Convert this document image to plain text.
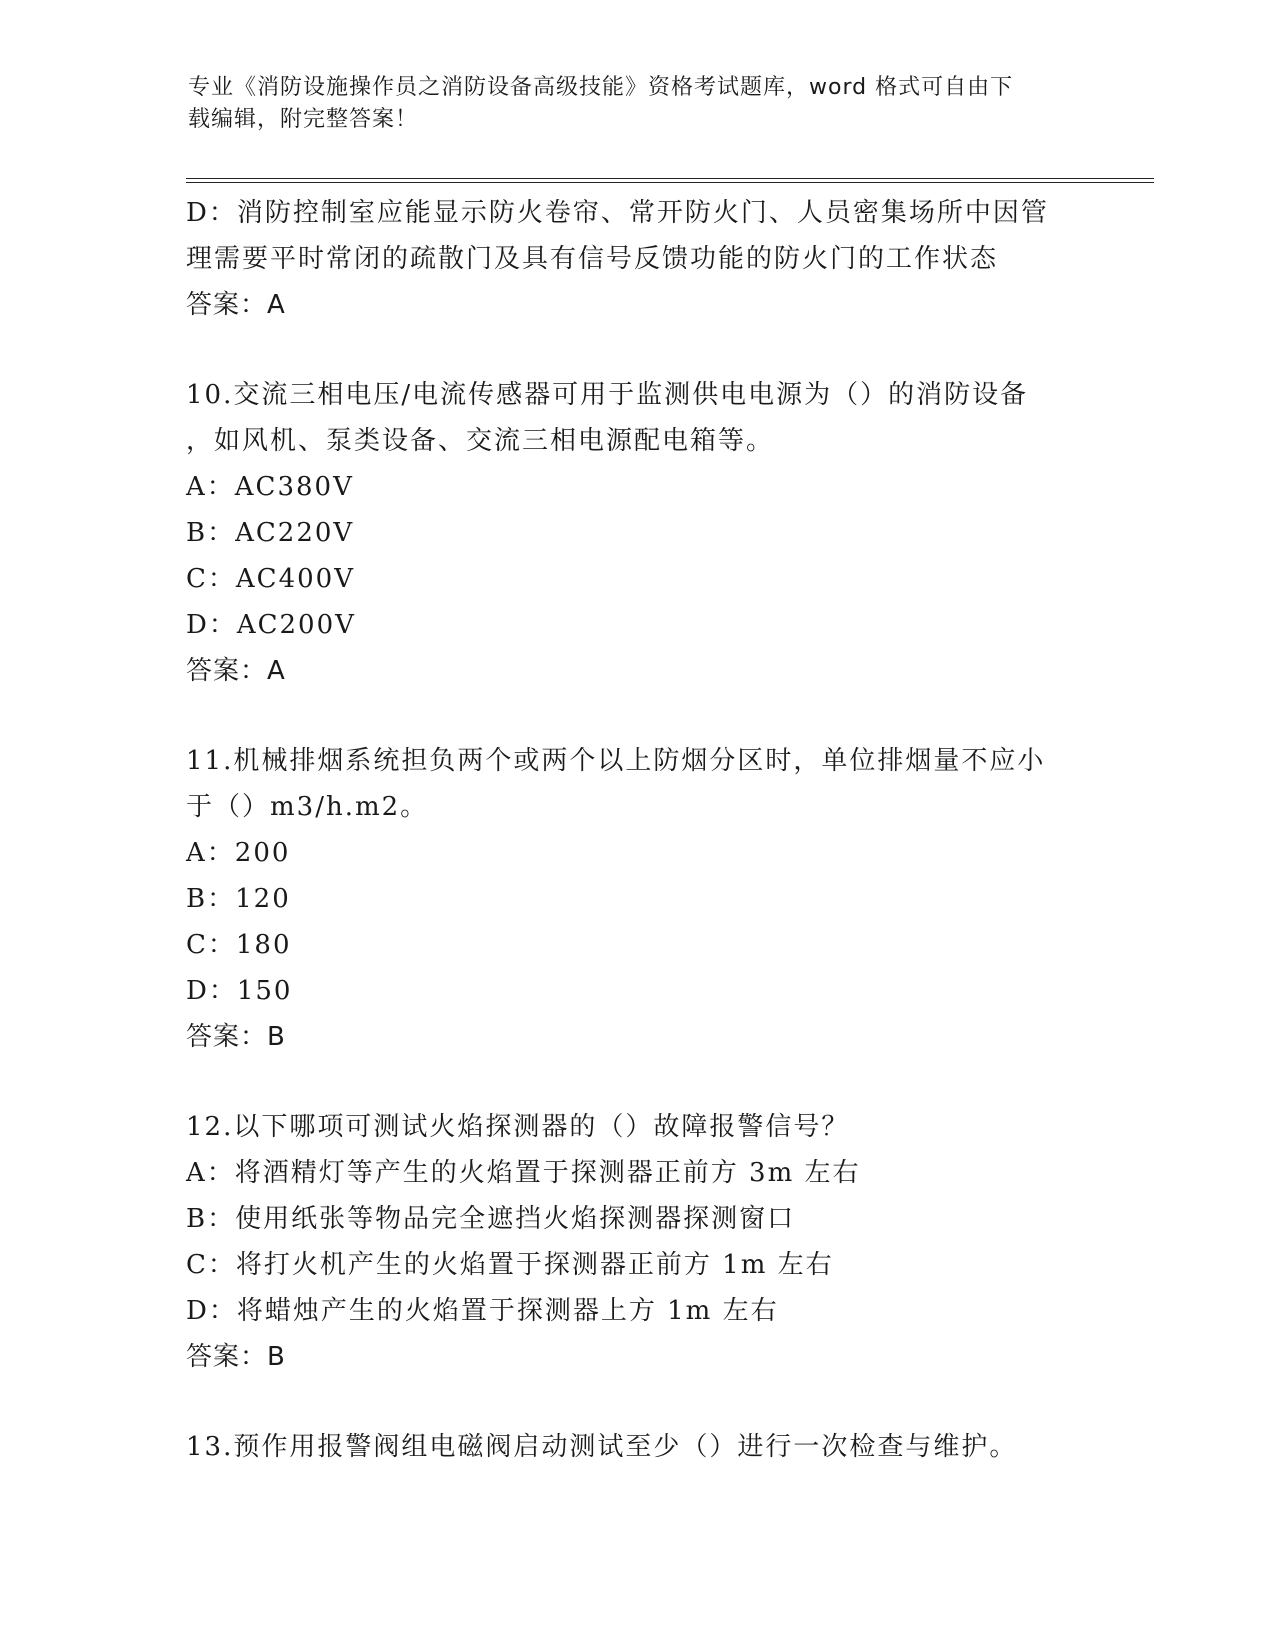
专业《消防设施操作员之消防设备高级技能》资格考试题库，word 格式可自由下
载编辑，附完整答案！
D：消防控制室应能显示防火卷帘、常开防火门、人员密集场所中因管
理需要平时常闭的疏散门及具有信号反馈功能的防火门的工作状态
答案：A
10.交流三相电压/电流传感器可用于监测供电电源为（）的消防设备
，如风机、泵类设备、交流三相电源配电箱等。
A：AC380V
B：AC220V
C：AC400V
D：AC200V
答案：A
11.机械排烟系统担负两个或两个以上防烟分区时，单位排烟量不应小
于（）m3/h.m2。
A：200
B：120
C：180
D：150
答案：B
12.以下哪项可测试火焰探测器的（）故障报警信号？
A：将酒精灯等产生的火焰置于探测器正前方 3m 左右
B：使用纸张等物品完全遮挡火焰探测器探测窗口
C：将打火机产生的火焰置于探测器正前方 1m 左右
D：将蜡烛产生的火焰置于探测器上方 1m 左右
答案：B
13.预作用报警阀组电磁阀启动测试至少（）进行一次检查与维护。
